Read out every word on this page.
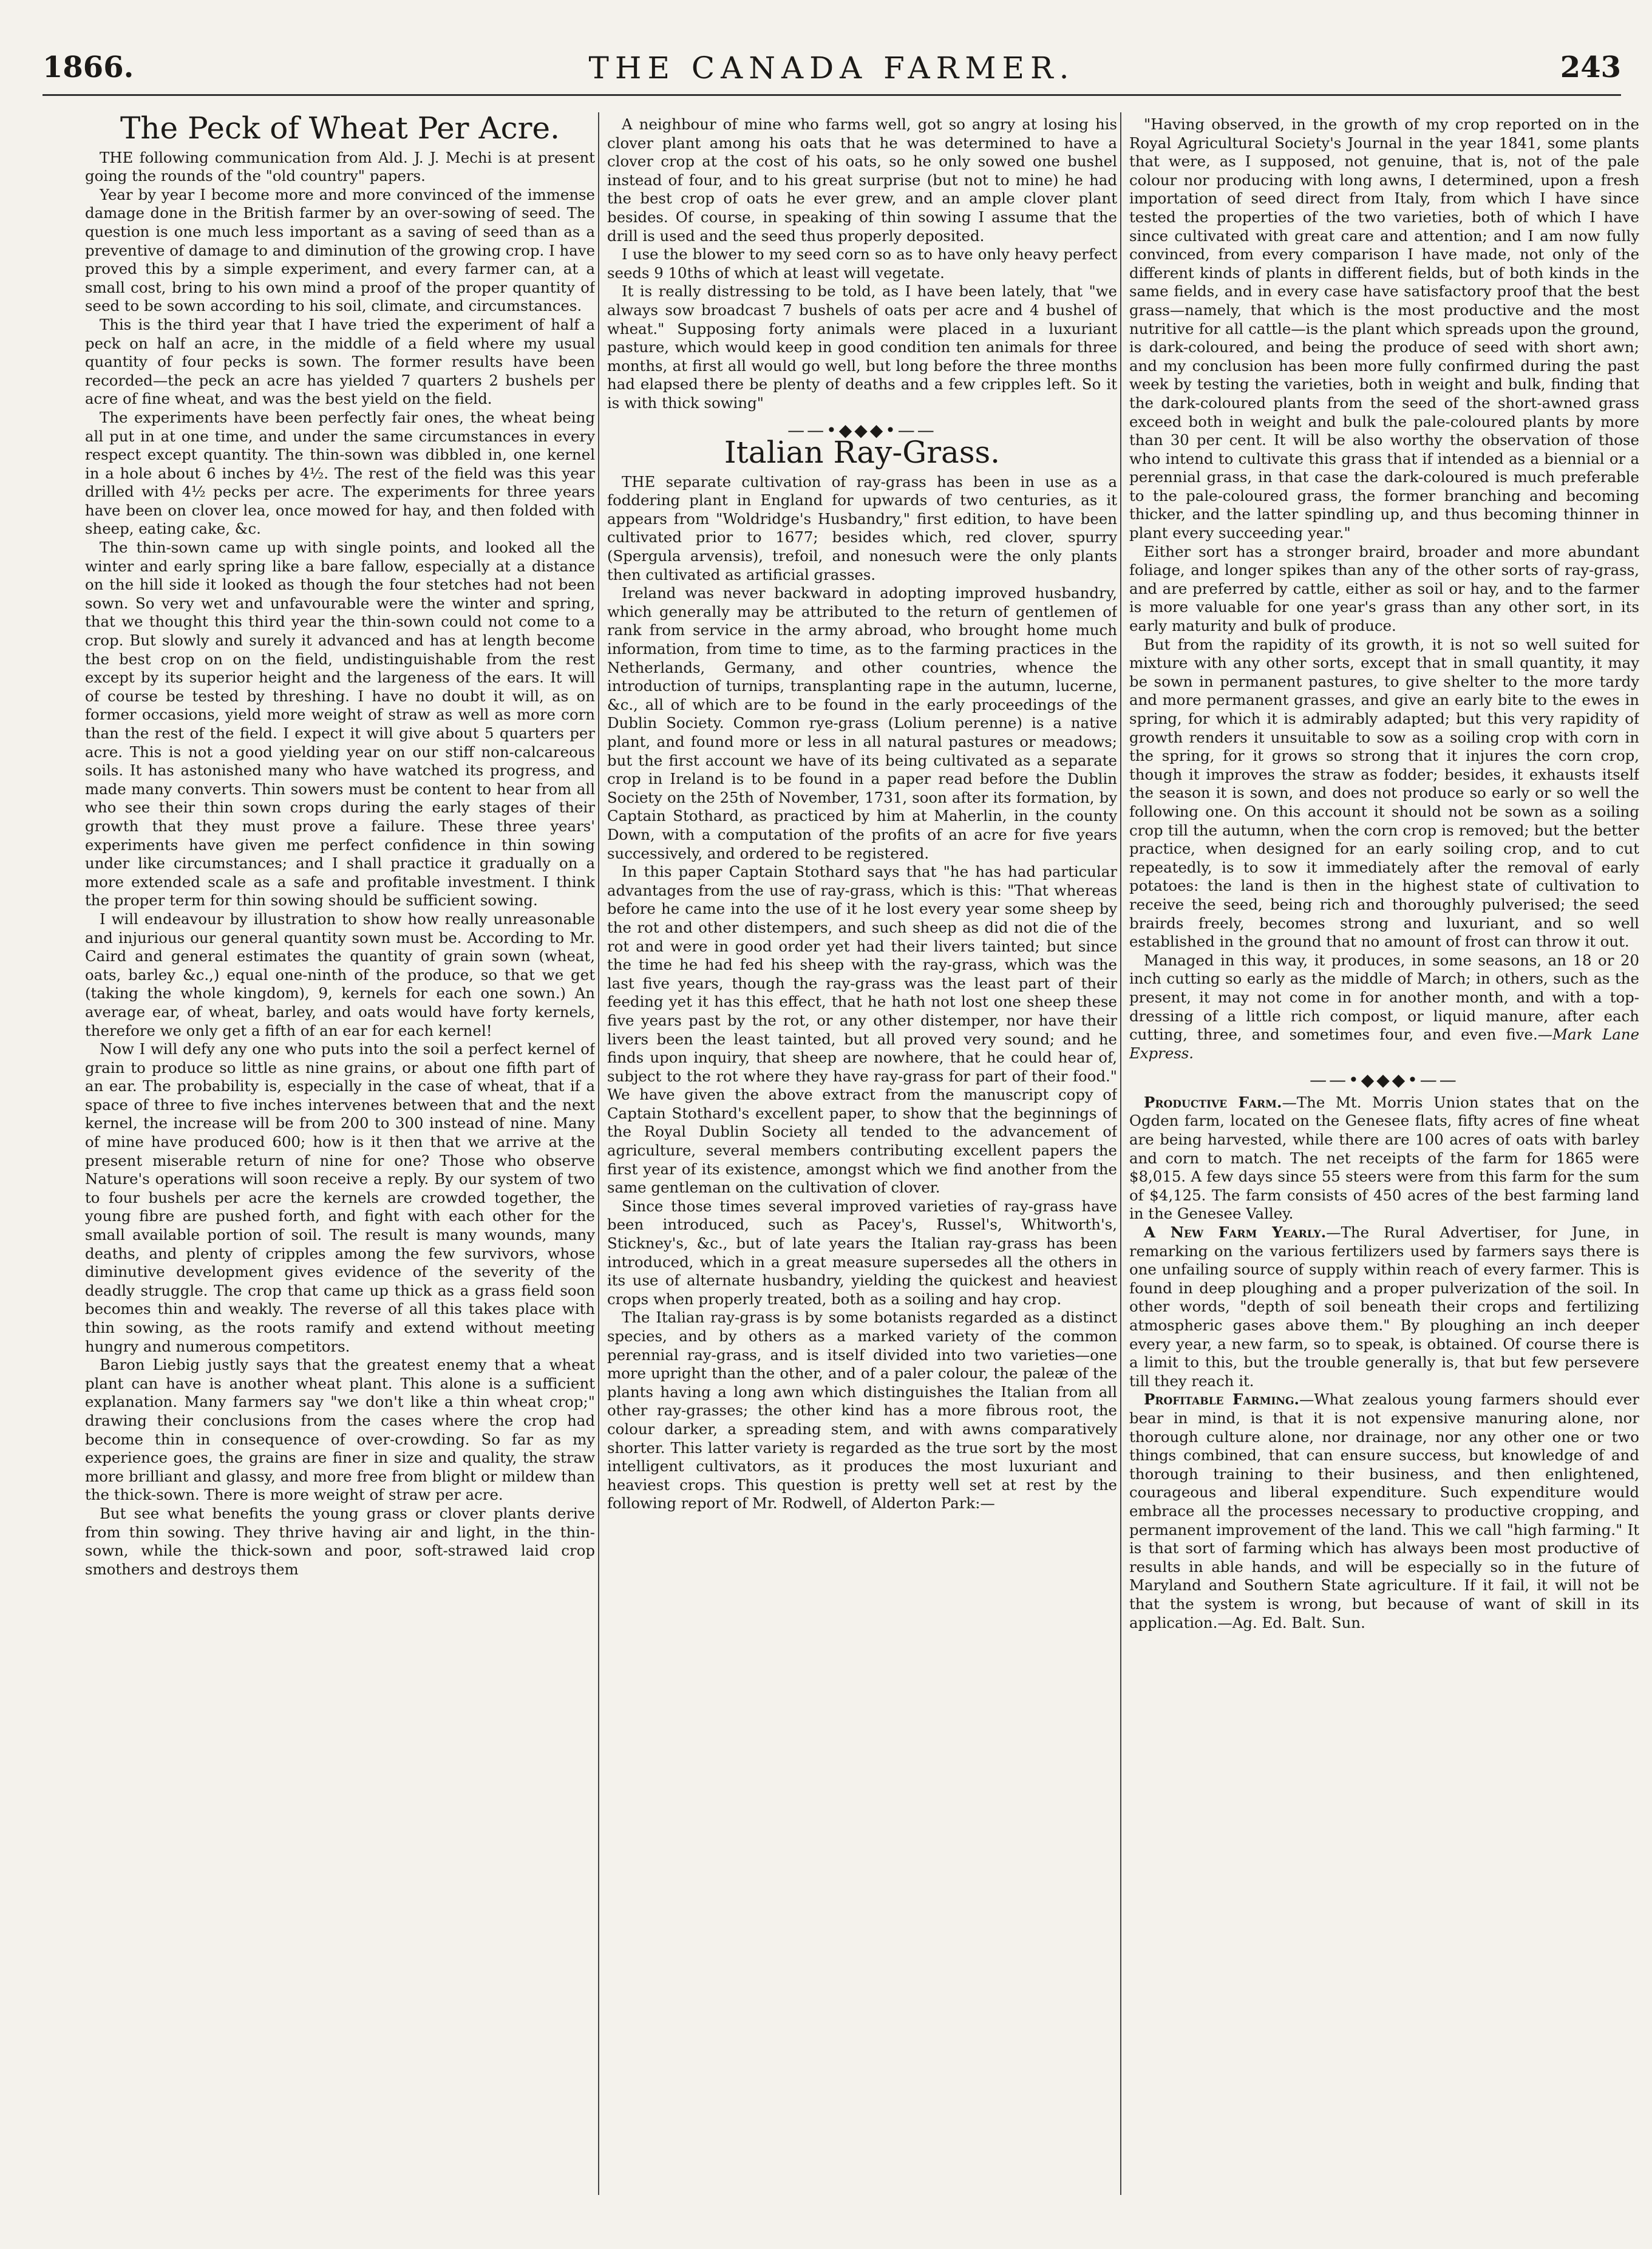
1866.	THE CANADA FARMER.	243
The Peck of Wheat Per Acre.

THE following communication from Ald. J. J. Mechi is at present going the rounds of the "old country" papers.

Year by year I become more and more convinced of the immense damage done in the British farmer by an over-sowing of seed. The question is one much less important as a saving of seed than as a preventive of damage to and diminution of the growing crop. I have proved this by a simple experiment, and every farmer can, at a small cost, bring to his own mind a proof of the proper quantity of seed to be sown according to his soil, climate, and circumstances.

This is the third year that I have tried the experiment of half a peck on half an acre, in the middle of a field where my usual quantity of four pecks is sown. The former results have been recorded—the peck an acre has yielded 7 quarters 2 bushels per acre of fine wheat, and was the best yield on the field.

The experiments have been perfectly fair ones, the wheat being all put in at one time, and under the same circumstances in every respect except quantity. The thin-sown was dibbled in, one kernel in a hole about 6 inches by 4½. The rest of the field was this year drilled with 4½ pecks per acre. The experiments for three years have been on clover lea, once mowed for hay, and then folded with sheep, eating cake, &c.

The thin-sown came up with single points, and looked all the winter and early spring like a bare fallow, especially at a distance on the hill side it looked as though the four stetches had not been sown. So very wet and unfavourable were the winter and spring, that we thought this third year the thin-sown could not come to a crop. But slowly and surely it advanced and has at length become the best crop on on the field, undistinguishable from the rest except by its superior height and the largeness of the ears. It will of course be tested by threshing. I have no doubt it will, as on former occasions, yield more weight of straw as well as more corn than the rest of the field. I expect it will give about 5 quarters per acre. This is not a good yielding year on our stiff non-calcareous soils. It has astonished many who have watched its progress, and made many converts. Thin sowers must be content to hear from all who see their thin sown crops during the early stages of their growth that they must prove a failure. These three years' experiments have given me perfect confidence in thin sowing under like circumstances; and I shall practice it gradually on a more extended scale as a safe and profitable investment. I think the proper term for thin sowing should be sufficient sowing.

I will endeavour by illustration to show how really unreasonable and injurious our general quantity sown must be. According to Mr. Caird and general estimates the quantity of grain sown (wheat, oats, barley &c.,) equal one-ninth of the produce, so that we get (taking the whole kingdom), 9, kernels for each one sown.) An average ear, of wheat, barley, and oats would have forty kernels, therefore we only get a fifth of an ear for each kernel!

Now I will defy any one who puts into the soil a perfect kernel of grain to produce so little as nine grains, or about one fifth part of an ear. The probability is, especially in the case of wheat, that if a space of three to five inches intervenes between that and the next kernel, the increase will be from 200 to 300 instead of nine. Many of mine have produced 600; how is it then that we arrive at the present miserable return of nine for one? Those who observe Nature's operations will soon receive a reply. By our system of two to four bushels per acre the kernels are crowded together, the young fibre are pushed forth, and fight with each other for the small available portion of soil. The result is many wounds, many deaths, and plenty of cripples among the few survivors, whose diminutive development gives evidence of the severity of the deadly struggle. The crop that came up thick as a grass field soon becomes thin and weakly. The reverse of all this takes place with thin sowing, as the roots ramify and extend without meeting hungry and numerous competitors.

Baron Liebig justly says that the greatest enemy that a wheat plant can have is another wheat plant. This alone is a sufficient explanation. Many farmers say "we don't like a thin wheat crop;" drawing their conclusions from the cases where the crop had become thin in consequence of over-crowding. So far as my experience goes, the grains are finer in size and quality, the straw more brilliant and glassy, and more free from blight or mildew than the thick-sown. There is more weight of straw per acre.

But see what benefits the young grass or clover plants derive from thin sowing. They thrive having air and light, in the thin-sown, while the thick-sown and poor, soft-strawed laid crop smothers and destroys them

A neighbour of mine who farms well, got so angry at losing his clover plant among his oats that he was determined to have a clover crop at the cost of his oats, so he only sowed one bushel instead of four, and to his great surprise (but not to mine) he had the best crop of oats he ever grew, and an ample clover plant besides. Of course, in speaking of thin sowing I assume that the drill is used and the seed thus properly deposited.

I use the blower to my seed corn so as to have only heavy perfect seeds 9 10ths of which at least will vegetate.

It is really distressing to be told, as I have been lately, that "we always sow broadcast 7 bushels of oats per acre and 4 bushel of wheat." Supposing forty animals were placed in a luxuriant pasture, which would keep in good condition ten animals for three months, at first all would go well, but long before the three months had elapsed there be plenty of deaths and a few cripples left. So it is with thick sowing"

——•◆◆◆•——
Italian Ray-Grass.

THE separate cultivation of ray-grass has been in use as a foddering plant in England for upwards of two centuries, as it appears from "Woldridge's Husbandry," first edition, to have been cultivated prior to 1677; besides which, red clover, spurry (Spergula arvensis), trefoil, and nonesuch were the only plants then cultivated as artificial grasses.

Ireland was never backward in adopting improved husbandry, which generally may be attributed to the return of gentlemen of rank from service in the army abroad, who brought home much information, from time to time, as to the farming practices in the Netherlands, Germany, and other countries, whence the introduction of turnips, transplanting rape in the autumn, lucerne, &c., all of which are to be found in the early proceedings of the Dublin Society. Common rye-grass (Lolium perenne) is a native plant, and found more or less in all natural pastures or meadows; but the first account we have of its being cultivated as a separate crop in Ireland is to be found in a paper read before the Dublin Society on the 25th of November, 1731, soon after its formation, by Captain Stothard, as practiced by him at Maherlin, in the county Down, with a computation of the profits of an acre for five years successively, and ordered to be registered.

In this paper Captain Stothard says that "he has had particular advantages from the use of ray-grass, which is this: "That whereas before he came into the use of it he lost every year some sheep by the rot and other distempers, and such sheep as did not die of the rot and were in good order yet had their livers tainted; but since the time he had fed his sheep with the ray-grass, which was the last five years, though the ray-grass was the least part of their feeding yet it has this effect, that he hath not lost one sheep these five years past by the rot, or any other distemper, nor have their livers been the least tainted, but all proved very sound; and he finds upon inquiry, that sheep are nowhere, that he could hear of, subject to the rot where they have ray-grass for part of their food." We have given the above extract from the manuscript copy of Captain Stothard's excellent paper, to show that the beginnings of the Royal Dublin Society all tended to the advancement of agriculture, several members contributing excellent papers the first year of its existence, amongst which we find another from the same gentleman on the cultivation of clover.

Since those times several improved varieties of ray-grass have been introduced, such as Pacey's, Russel's, Whitworth's, Stickney's, &c., but of late years the Italian ray-grass has been introduced, which in a great measure supersedes all the others in its use of alternate husbandry, yielding the quickest and heaviest crops when properly treated, both as a soiling and hay crop.

The Italian ray-grass is by some botanists regarded as a distinct species, and by others as a marked variety of the common perennial ray-grass, and is itself divided into two varieties—one more upright than the other, and of a paler colour, the paleæ of the plants having a long awn which distinguishes the Italian from all other ray-grasses; the other kind has a more fibrous root, the colour darker, a spreading stem, and with awns comparatively shorter. This latter variety is regarded as the true sort by the most intelligent cultivators, as it produces the most luxuriant and heaviest crops. This question is pretty well set at rest by the following report of Mr. Rodwell, of Alderton Park:—

"Having observed, in the growth of my crop reported on in the Royal Agricultural Society's Journal in the year 1841, some plants that were, as I supposed, not genuine, that is, not of the pale colour nor producing with long awns, I determined, upon a fresh importation of seed direct from Italy, from which I have since tested the properties of the two varieties, both of which I have since cultivated with great care and attention; and I am now fully convinced, from every comparison I have made, not only of the different kinds of plants in different fields, but of both kinds in the same fields, and in every case have satisfactory proof that the best grass—namely, that which is the most productive and the most nutritive for all cattle—is the plant which spreads upon the ground, is dark-coloured, and being the produce of seed with short awn; and my conclusion has been more fully confirmed during the past week by testing the varieties, both in weight and bulk, finding that the dark-coloured plants from the seed of the short-awned grass exceed both in weight and bulk the pale-coloured plants by more than 30 per cent. It will be also worthy the observation of those who intend to cultivate this grass that if intended as a biennial or a perennial grass, in that case the dark-coloured is much preferable to the pale-coloured grass, the former branching and becoming thicker, and the latter spindling up, and thus becoming thinner in plant every succeeding year."

Either sort has a stronger braird, broader and more abundant foliage, and longer spikes than any of the other sorts of ray-grass, and are preferred by cattle, either as soil or hay, and to the farmer is more valuable for one year's grass than any other sort, in its early maturity and bulk of produce.

But from the rapidity of its growth, it is not so well suited for mixture with any other sorts, except that in small quantity, it may be sown in permanent pastures, to give shelter to the more tardy and more permanent grasses, and give an early bite to the ewes in spring, for which it is admirably adapted; but this very rapidity of growth renders it unsuitable to sow as a soiling crop with corn in the spring, for it grows so strong that it injures the corn crop, though it improves the straw as fodder; besides, it exhausts itself the season it is sown, and does not produce so early or so well the following one. On this account it should not be sown as a soiling crop till the autumn, when the corn crop is removed; but the better practice, when designed for an early soiling crop, and to cut repeatedly, is to sow it immediately after the removal of early potatoes: the land is then in the highest state of cultivation to receive the seed, being rich and thoroughly pulverised; the seed brairds freely, becomes strong and luxuriant, and so well established in the ground that no amount of frost can throw it out.

Managed in this way, it produces, in some seasons, an 18 or 20 inch cutting so early as the middle of March; in others, such as the present, it may not come in for another month, and with a top-dressing of a little rich compost, or liquid manure, after each cutting, three, and sometimes four, and even five.—Mark Lane Express.

——•◆◆◆•——

Productive Farm.—The Mt. Morris Union states that on the Ogden farm, located on the Genesee flats, fifty acres of fine wheat are being harvested, while there are 100 acres of oats with barley and corn to match. The net receipts of the farm for 1865 were $8,015. A few days since 55 steers were from this farm for the sum of $4,125. The farm consists of 450 acres of the best farming land in the Genesee Valley.

A New Farm Yearly.—The Rural Advertiser, for June, in remarking on the various fertilizers used by farmers says there is one unfailing source of supply within reach of every farmer. This is found in deep ploughing and a proper pulverization of the soil. In other words, "depth of soil beneath their crops and fertilizing atmospheric gases above them." By ploughing an inch deeper every year, a new farm, so to speak, is obtained. Of course there is a limit to this, but the trouble generally is, that but few persevere till they reach it.

Profitable Farming.—What zealous young farmers should ever bear in mind, is that it is not expensive manuring alone, nor thorough culture alone, nor drainage, nor any other one or two things combined, that can ensure success, but knowledge of and thorough training to their business, and then enlightened, courageous and liberal expenditure. Such expenditure would embrace all the processes necessary to productive cropping, and permanent improvement of the land. This we call "high farming." It is that sort of farming which has always been most productive of results in able hands, and will be especially so in the future of Maryland and Southern State agriculture. If it fail, it will not be that the system is wrong, but because of want of skill in its application.—Ag. Ed. Balt. Sun.
